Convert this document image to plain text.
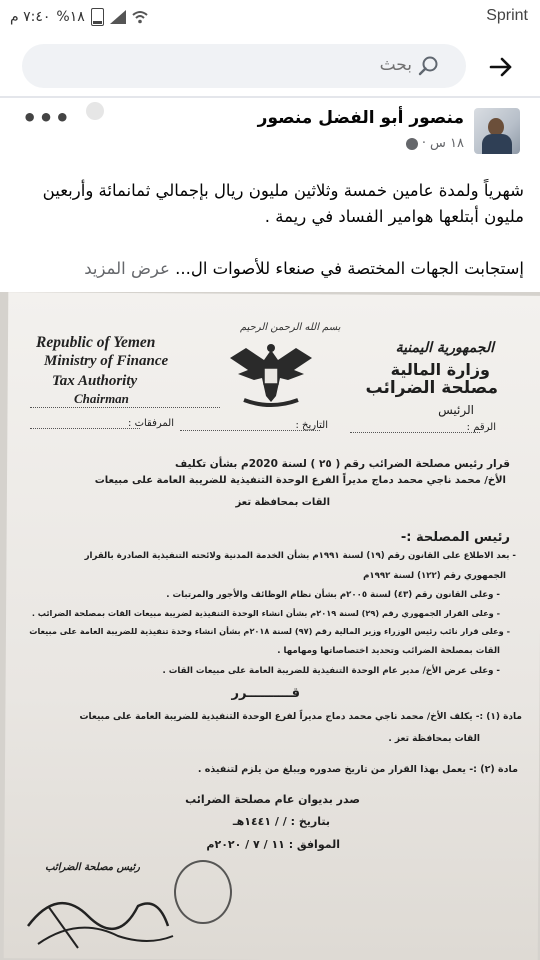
٧:٤٠ م %١٨	Sprint
بحث
منصور أبو الفضل منصور
١٨ س
·
•••
شهرياً ولمدة عامين خمسة وثلاثين مليون ريال بإجمالي ثمانمائة وأربعين مليون أبتلعها هوامير الفساد في ريمة .
إستجابت الجهات المختصة في صنعاء للأصوات ال... عرض المزيد
بسم الله الرحمن الرحيم
Republic of Yemen
Ministry of Finance
Tax Authority
Chairman
الجمهورية اليمنية
وزارة المالية
مصلحة الضرائب
الرئيس
الرقم :
التاريخ :
المرفقات :
قرار رئيس مصلحة الضرائب رقم ( ٢٥ ) لسنة 2020م بشأن تكليف
الأخ/ محمد ناجي محمد دماج مديراً الفرع الوحدة التنفيذية للضريبة العامة على مبيعات
القات بمحافظة تعز
رئيس المصلحة :-
- بعد الاطلاع على القانون رقم (١٩) لسنة ١٩٩١م بشأن الخدمة المدنية ولائحته التنفيذية الصادرة بالقرار
الجمهوري رقم (١٢٢) لسنة ١٩٩٢م
- وعلى القانون رقم (٤٣) لسنة ٢٠٠٥م بشأن نظام الوظائف والأجور والمرتبات .
- وعلى القرار الجمهوري رقم (٢٩) لسنة ٢٠١٩م بشأن انشاء الوحدة التنفيذية لضريبة مبيعات القات بمصلحة الضرائب .
- وعلى قرار نائب رئيس الوزراء وزير المالية رقم (٩٧) لسنة ٢٠١٨م بشأن انشاء وحدة تنفيذية للضريبة العامة على مبيعات
القات بمصلحة الضرائب وتحديد اختصاصاتها ومهامها .
- وعلى عرض الأخ/ مدير عام الوحدة التنفيذية للضريبة العامة على مبيعات القات .
قــــــــــرر
مادة (١) :- يكلف الأخ/ محمد ناجي محمد دماج مديراً لفرع الوحدة التنفيذية للضريبة العامة على مبيعات
القات بمحافظة تعز .
مادة (٢) :- يعمل بهذا القرار من تاريخ صدوره ويبلغ من يلزم لتنفيذه .
صدر بديوان عام مصلحة الضرائب
بتاريخ : / / ١٤٤١هـ
الموافق : ١١ / ٧ / ٢٠٢٠م
رئيس مصلحة الضرائب
